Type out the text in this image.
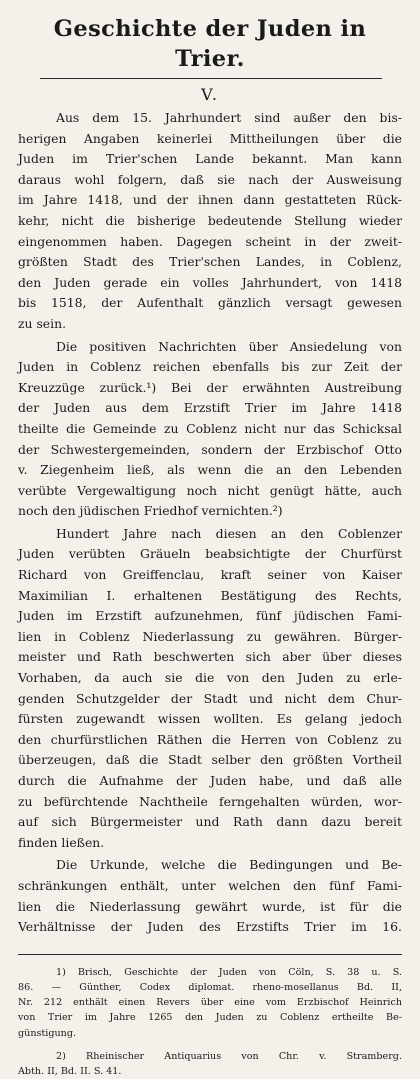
Geschichte der Juden in Trier.
V.

Aus dem 15. Jahrhundert sind außer den bis-
herigen Angaben keinerlei Mittheilungen über die
Juden im Trier'schen Lande bekannt. Man kann
daraus wohl folgern, daß sie nach der Ausweisung
im Jahre 1418, und der ihnen dann gestatteten Rück-
kehr, nicht die bisherige bedeutende Stellung wieder
eingenommen haben. Dagegen scheint in der zweit-
größten Stadt des Trier'schen Landes, in Coblenz,
den Juden gerade ein volles Jahrhundert, von 1418
bis 1518, der Aufenthalt gänzlich versagt gewesen
zu sein.

Die positiven Nachrichten über Ansiedelung von
Juden in Coblenz reichen ebenfalls bis zur Zeit der
Kreuzzüge zurück.¹) Bei der erwähnten Austreibung
der Juden aus dem Erzstift Trier im Jahre 1418
theilte die Gemeinde zu Coblenz nicht nur das Schicksal
der Schwestergemeinden, sondern der Erzbischof Otto
v. Ziegenheim ließ, als wenn die an den Lebenden
verübte Vergewaltigung noch nicht genügt hätte, auch
noch den jüdischen Friedhof vernichten.²)

Hundert Jahre nach diesen an den Coblenzer
Juden verübten Gräueln beabsichtigte der Churfürst
Richard von Greiffenclau, kraft seiner von Kaiser
Maximilian I. erhaltenen Bestätigung des Rechts,
Juden im Erzstift aufzunehmen, fünf jüdischen Fami-
lien in Coblenz Niederlassung zu gewähren. Bürger-
meister und Rath beschwerten sich aber über dieses
Vorhaben, da auch sie die von den Juden zu erle-
genden Schutzgelder der Stadt und nicht dem Chur-
fürsten zugewandt wissen wollten. Es gelang jedoch
den churfürstlichen Räthen die Herren von Coblenz zu
überzeugen, daß die Stadt selber den größten Vortheil
durch die Aufnahme der Juden habe, und daß alle
zu befürchtende Nachtheile ferngehalten würden, wor-
auf sich Bürgermeister und Rath dann dazu bereit
finden ließen.

Die Urkunde, welche die Bedingungen und Be-
schränkungen enthält, unter welchen den fünf Fami-
lien die Niederlassung gewährt wurde, ist für die
Verhältnisse der Juden des Erzstifts Trier im 16.

1) Brisch, Geschichte der Juden von Cöln, S. 38 u. S.
86. — Günther, Codex diplomat. rheno-mosellanus Bd. II,
Nr. 212 enthält einen Revers über eine vom Erzbischof Heinrich
von Trier im Jahre 1265 den Juden zu Coblenz ertheilte Be-
günstigung.
2) Rheinischer Antiquarius von Chr. v. Stramberg.
Abth. II, Bd. II. S. 41.
